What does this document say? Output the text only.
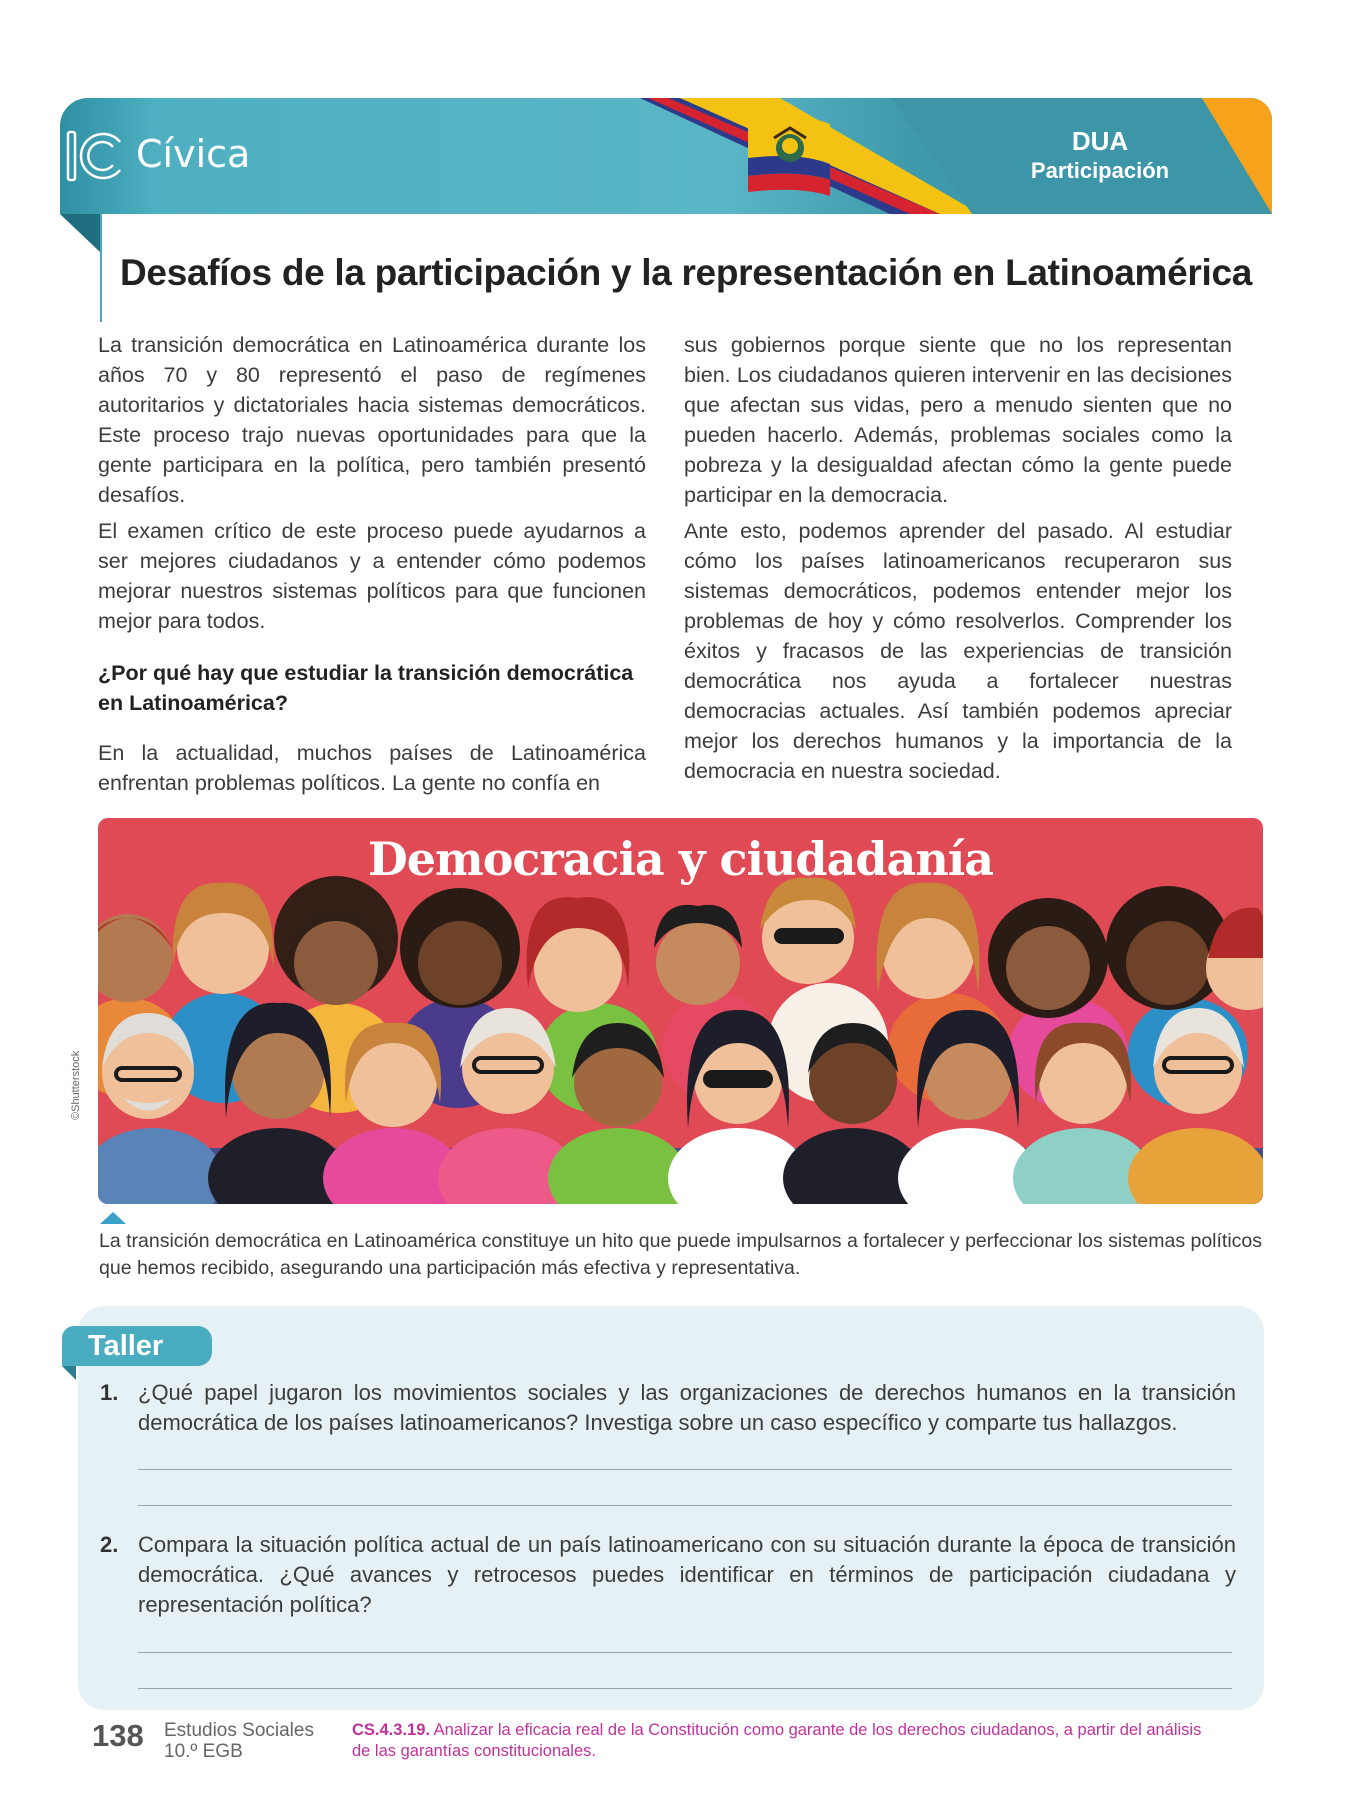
Cívica	DUA
Participación
Desafíos de la participación y la representación en Latinoamérica

La transición democrática en Latinoamérica durante los años 70 y 80 representó el paso de regímenes autoritarios y dictatoriales hacia sistemas democráticos. Este proceso trajo nuevas oportunidades para que la gente participara en la política, pero también presentó desafíos.

El examen crítico de este proceso puede ayudarnos a ser mejores ciudadanos y a entender cómo podemos mejorar nuestros sistemas políticos para que funcionen mejor para todos.

¿Por qué hay que estudiar la transición democrática en Latinoamérica?

En la actualidad, muchos países de Latinoamérica enfrentan problemas políticos. La gente no confía en

sus gobiernos porque siente que no los representan bien. Los ciudadanos quieren intervenir en las decisiones que afectan sus vidas, pero a menudo sienten que no pueden hacerlo. Además, problemas sociales como la pobreza y la desigualdad afectan cómo la gente puede participar en la democracia.

Ante esto, podemos aprender del pasado. Al estudiar cómo los países latinoamericanos recuperaron sus sistemas democráticos, podemos entender mejor los problemas de hoy y cómo resolverlos. Comprender los éxitos y fracasos de las experiencias de transición democrática nos ayuda a fortalecer nuestras democracias actuales. Así también podemos apreciar mejor los derechos humanos y la importancia de la democracia en nuestra sociedad.

Democracia y ciudadanía
©Shutterstock
La transición democrática en Latinoamérica constituye un hito que puede impulsarnos a fortalecer y perfeccionar los sistemas políticos que hemos recibido, asegurando una participación más efectiva y representativa.
Taller
1. ¿Qué papel jugaron los movimientos sociales y las organizaciones de derechos humanos en la transición democrática de los países latinoamericanos? Investiga sobre un caso específico y comparte tus hallazgos.
2. Compara la situación política actual de un país latinoamericano con su situación durante la época de transición democrática. ¿Qué avances y retrocesos puedes identificar en términos de participación ciudadana y representación política?
138 Estudios Sociales
10.º EGB
CS.4.3.19. Analizar la eficacia real de la Constitución como garante de los derechos ciudadanos, a partir del análisis de las garantías constitucionales.
